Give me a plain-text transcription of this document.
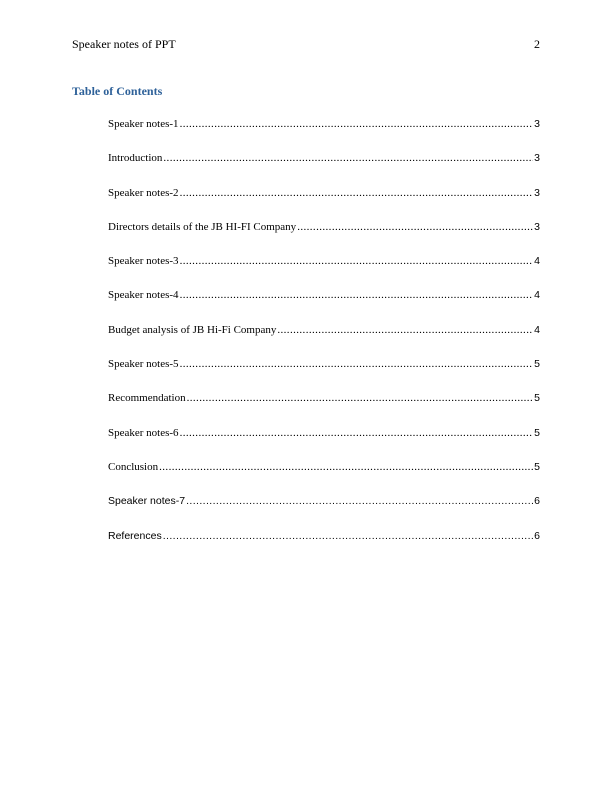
Speaker notes of PPT	2
Table of Contents
Speaker notes-1 .....	3
Introduction .....	3
Speaker notes-2 .....	3
Directors details of the JB HI-FI Company .....	3
Speaker notes-3 .....	4
Speaker notes-4 .....	4
Budget analysis of JB Hi-Fi Company .....	4
Speaker notes-5 .....	5
Recommendation .....	5
Speaker notes-6 .....	5
Conclusion .....	5
Speaker notes-7 .....	6
References .....	6
